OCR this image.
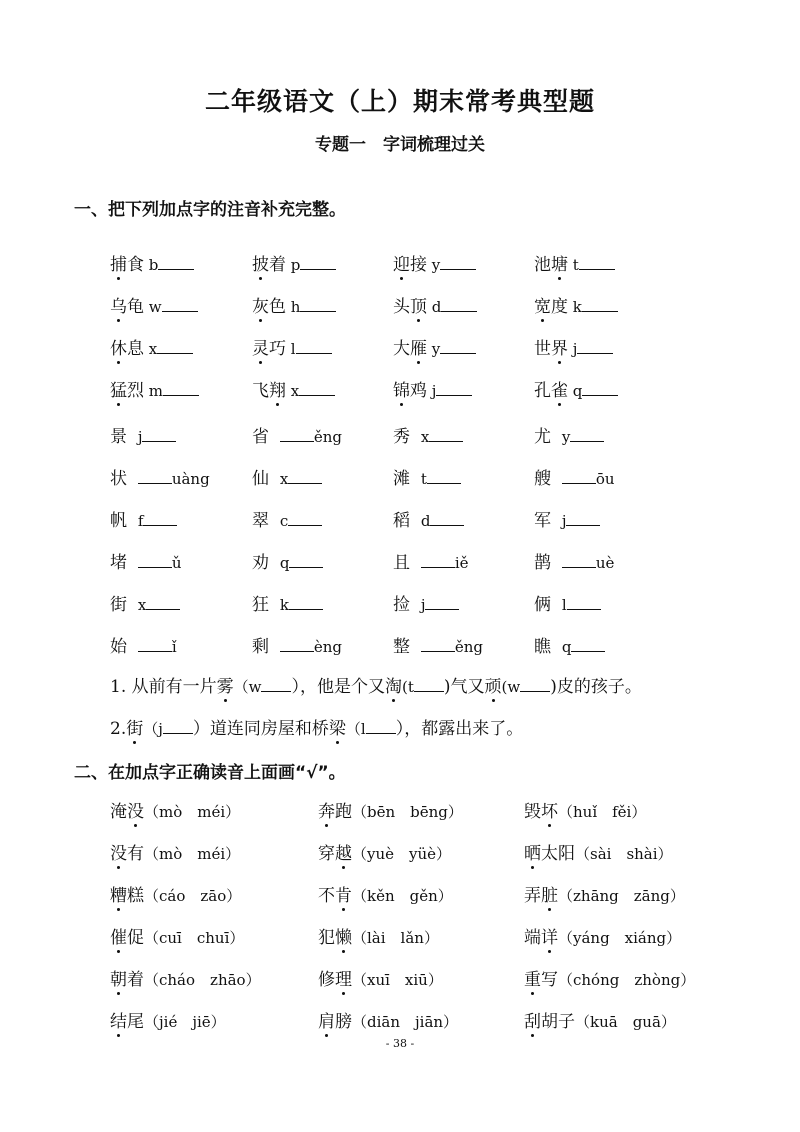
二年级语文（上）期末常考典型题
专题一　字词梳理过关
一、把下列加点字的注音补充完整。
捕食 b	披着 p	迎接 y	池塘 t
乌龟 w	灰色 h	头顶 d	宽度 k
休息 x	灵巧 l	大雁 y	世界 j
猛烈 m	飞翔 x	锦鸡 j	孔雀 q
景  j	省  ěng	秀  x	尤  y
状  uàng 仙  x	滩  t	艘  ōu
帆  f	翠  c	稻  d	军  j
堵  ǔ	劝  q	且  iě	鹊  uè
街  x	狂  k	捡  j	俩  l
始  ǐ	剩  èng	整  ěng	瞧  q
1. 从前有一片雾（w ），他是个又淘(t )气又顽(w )皮的孩子。
2.街（j ）道连同房屋和桥梁（l ），都露出来了。
二、在加点字正确读音上面画“√”。
淹没（mò　méi）	奔跑（bēn　bēng）	毁坏（huǐ　fěi）
没有（mò　méi）	穿越（yuè　yüè）	晒太阳（sài　shài）
糟糕（cáo　zāo）	不肯（kěn　gěn）	弄脏（zhāng　zāng）
催促（cuī　chuī）	犯懒（lài　lǎn）	端详（yáng　xiáng）
朝着（cháo　zhāo）	修理（xuī　xiū）	重写（chóng　zhòng）
结尾（jié　jiē）	肩膀（diān　jiān）	刮胡子（kuā　guā）
- 38 -
